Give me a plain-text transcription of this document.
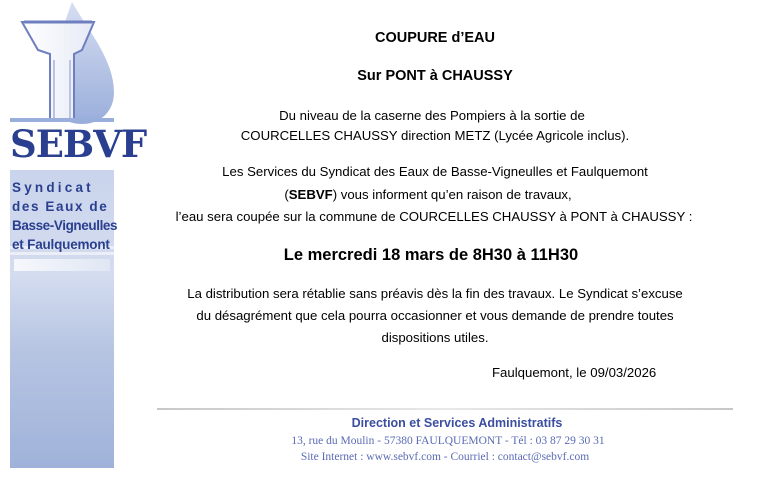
SEBVF
Syndicat
des Eaux de
Basse-Vigneulles
et Faulquemont
COUPURE d’EAU
Sur PONT à CHAUSSY
Du niveau de la caserne des Pompiers à la sortie de
COURCELLES CHAUSSY direction METZ (Lycée Agricole inclus).
Les Services du Syndicat des Eaux de Basse-Vigneulles et Faulquemont
(SEBVF) vous informent qu’en raison de travaux,
l’eau sera coupée sur la commune de COURCELLES CHAUSSY à PONT à CHAUSSY :
Le mercredi 18 mars de 8H30 à 11H30
La distribution sera rétablie sans préavis dès la fin des travaux. Le Syndicat s’excuse
du désagrément que cela pourra occasionner et vous demande de prendre toutes
dispositions utiles.
Faulquemont, le 09/03/2026
Direction et Services Administratifs
13, rue du Moulin - 57380 FAULQUEMONT - Tél : 03 87 29 30 31
Site Internet : www.sebvf.com - Courriel : contact@sebvf.com
